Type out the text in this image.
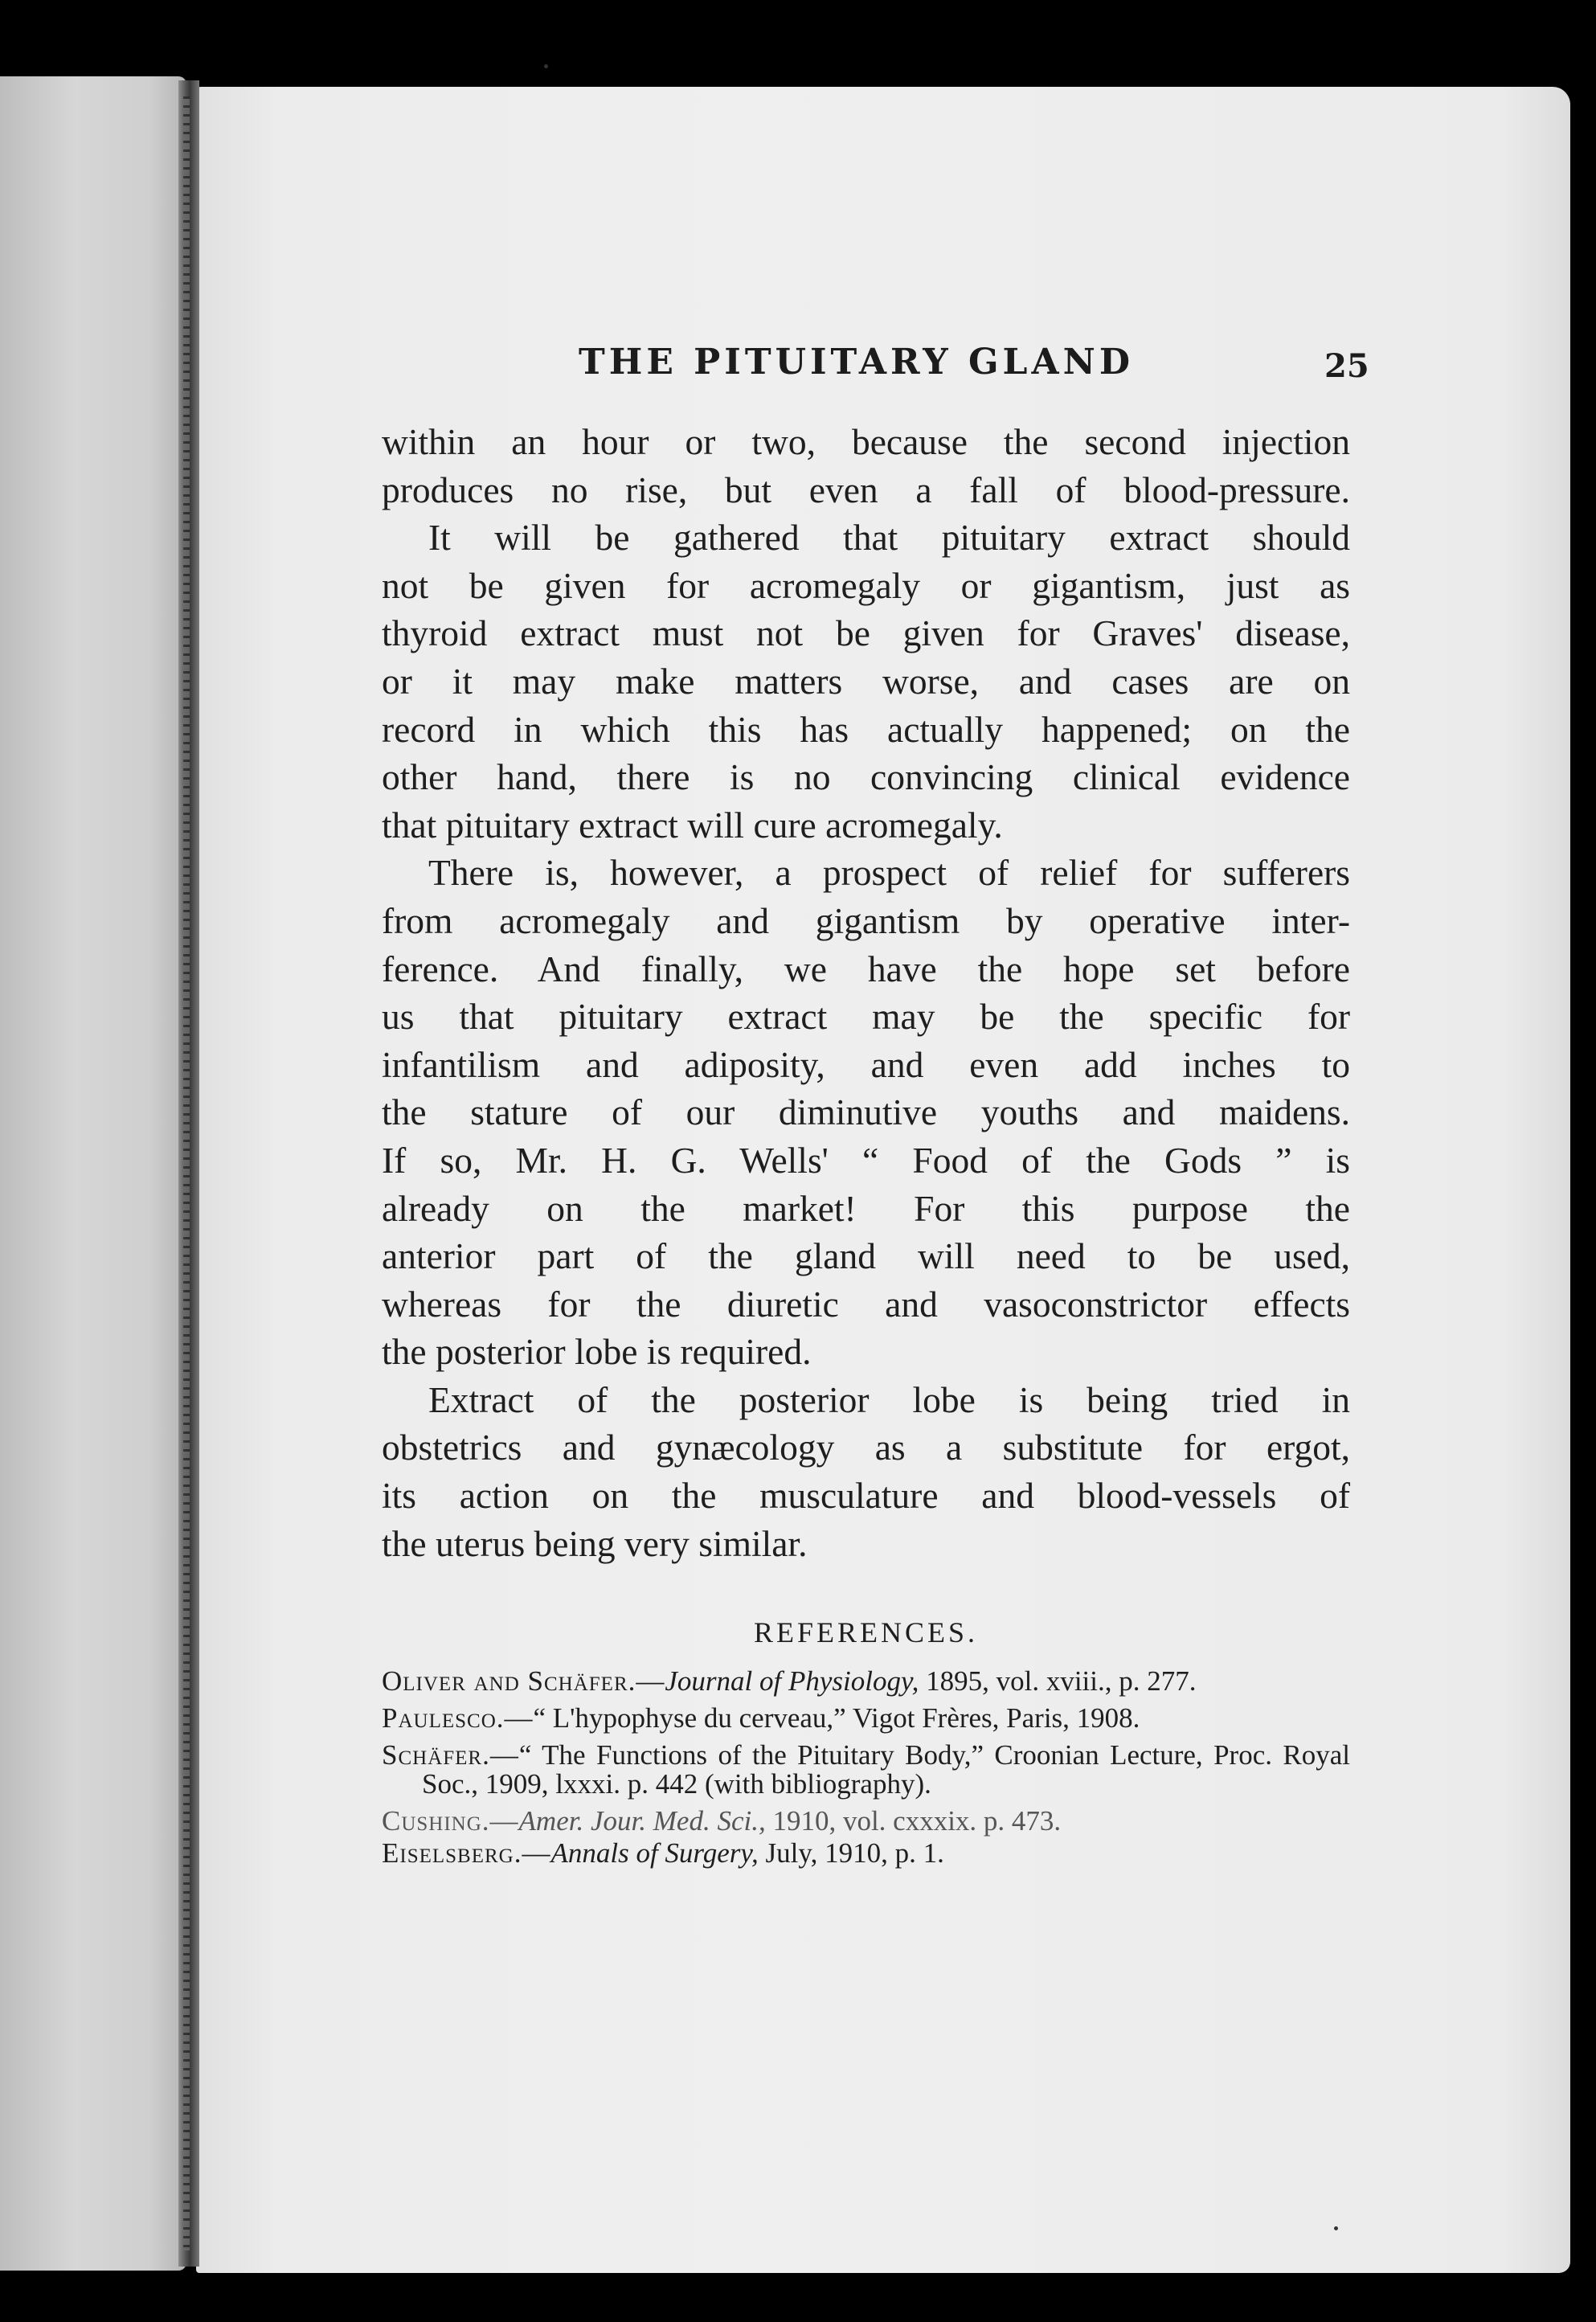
THE PITUITARY GLAND	25
within an hour or two, because the second injection
produces no rise, but even a fall of blood-pressure.
It will be gathered that pituitary extract should
not be given for acromegaly or gigantism, just as
thyroid extract must not be given for Graves' disease,
or it may make matters worse, and cases are on
record in which this has actually happened; on the
other hand, there is no convincing clinical evidence
that pituitary extract will cure acromegaly.
There is, however, a prospect of relief for sufferers
from acromegaly and gigantism by operative inter-
ference. And finally, we have the hope set before
us that pituitary extract may be the specific for
infantilism and adiposity, and even add inches to
the stature of our diminutive youths and maidens.
If so, Mr. H. G. Wells' “ Food of the Gods ” is
already on the market! For this purpose the
anterior part of the gland will need to be used,
whereas for the diuretic and vasoconstrictor effects
the posterior lobe is required.
Extract of the posterior lobe is being tried in
obstetrics and gynæcology as a substitute for ergot,
its action on the musculature and blood-vessels of
the uterus being very similar.
REFERENCES.
Oliver and Schäfer.—Journal of Physiology, 1895, vol. xviii., p. 277.
Paulesco.—“ L'hypophyse du cerveau,” Vigot Frères, Paris, 1908.
Schäfer.—“ The Functions of the Pituitary Body,” Croonian Lecture, Proc. Royal Soc., 1909, lxxxi. p. 442 (with bibliography).
Cushing.—Amer. Jour. Med. Sci., 1910, vol. cxxxix. p. 473.
Eiselsberg.—Annals of Surgery, July, 1910, p. 1.
